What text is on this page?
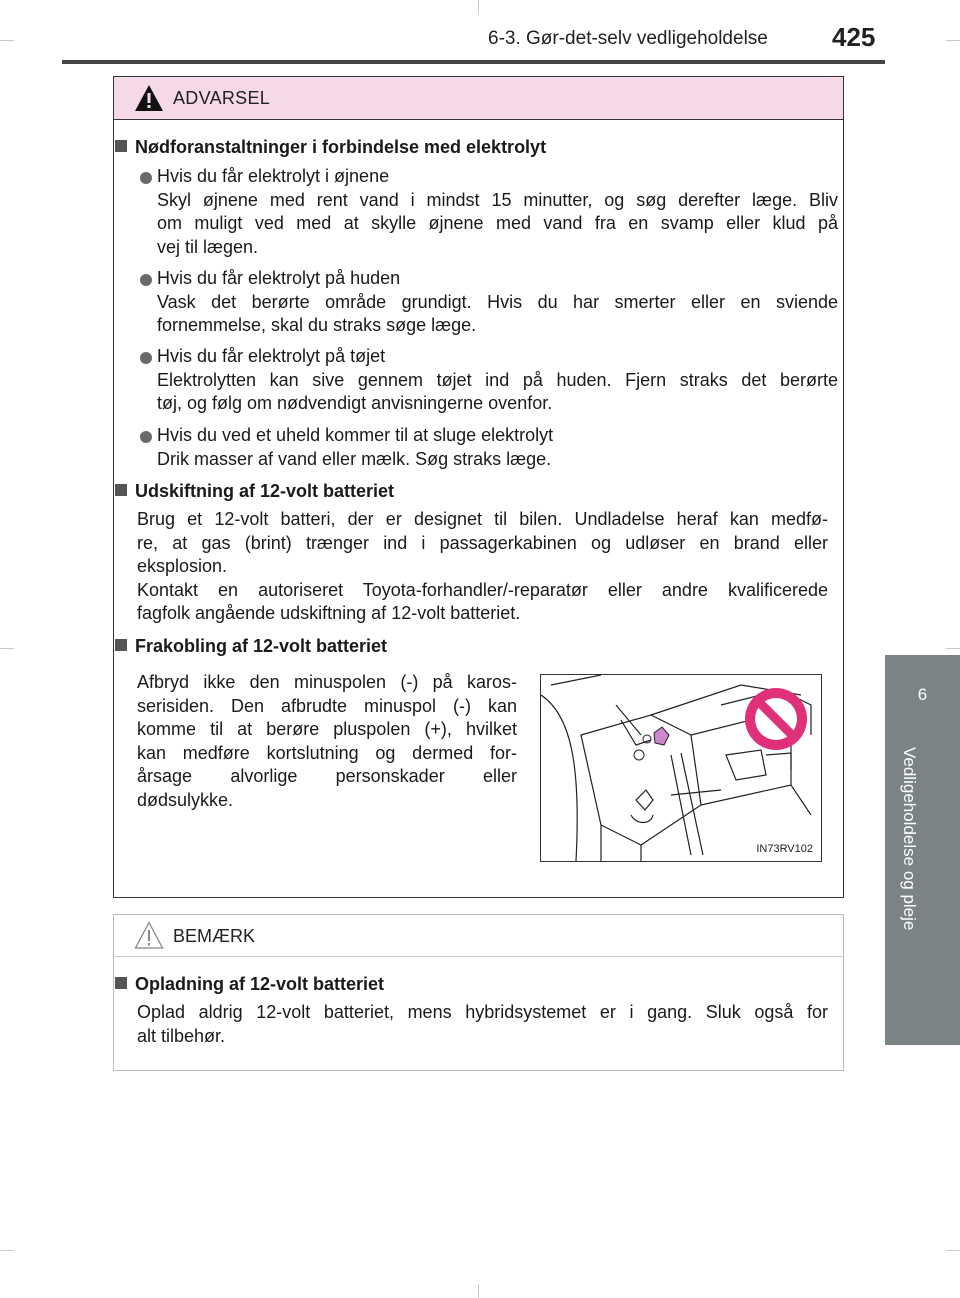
6-3. Gør-det-selv vedligeholdelse 425
6
Vedligeholdelse og pleje
ADVARSEL
Nødforanstaltninger i forbindelse med elektrolyt
Hvis du får elektrolyt i øjnene
Skyl øjnene med rent vand i mindst 15 minutter, og søg derefter læge. Bliv
om muligt ved med at skylle øjnene med vand fra en svamp eller klud på
vej til lægen.
Hvis du får elektrolyt på huden
Vask det berørte område grundigt. Hvis du har smerter eller en sviende
fornemmelse, skal du straks søge læge.
Hvis du får elektrolyt på tøjet
Elektrolytten kan sive gennem tøjet ind på huden. Fjern straks det berørte
tøj, og følg om nødvendigt anvisningerne ovenfor.
Hvis du ved et uheld kommer til at sluge elektrolyt
Drik masser af vand eller mælk. Søg straks læge.
Udskiftning af 12-volt batteriet
Brug et 12-volt batteri, der er designet til bilen. Undladelse heraf kan medfø-
re, at gas (brint) trænger ind i passagerkabinen og udløser en brand eller
eksplosion.
Kontakt en autoriseret Toyota-forhandler/-reparatør eller andre kvalificerede
fagfolk angående udskiftning af 12-volt batteriet.
Frakobling af 12-volt batteriet
Afbryd ikke den minuspolen (-) på karos-
serisiden. Den afbrudte minuspol (-) kan
komme til at berøre pluspolen (+), hvilket
kan medføre kortslutning og dermed for-
årsage alvorlige personskader eller
dødsulykke.
IN73RV102
BEMÆRK
Opladning af 12-volt batteriet
Oplad aldrig 12-volt batteriet, mens hybridsystemet er i gang. Sluk også for
alt tilbehør.
